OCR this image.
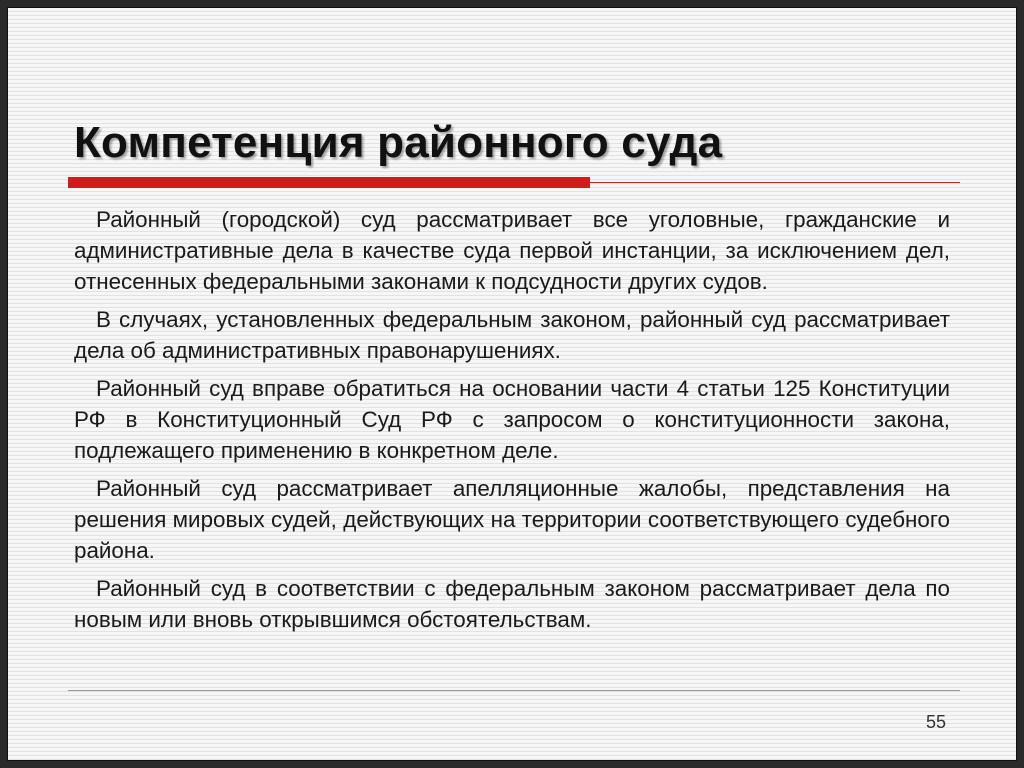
Компетенция районного суда

Районный (городской) суд рассматривает все уголовные, гражданские и административные дела в качестве суда первой инстанции, за исключением дел, отнесенных федеральными законами к подсудности других судов.

В случаях, установленных федеральным законом, районный суд рассматривает дела об административных правонарушениях.

Районный суд вправе обратиться на основании части 4 статьи 125 Конституции РФ в Конституционный Суд РФ с запросом о конституционности закона, подлежащего применению в конкретном деле.

Районный суд рассматривает апелляционные жалобы, представления на решения мировых судей, действующих на территории соответствующего судебного района.

Районный суд в соответствии с федеральным законом рассматривает дела по новым или вновь открывшимся обстоятельствам.

55
